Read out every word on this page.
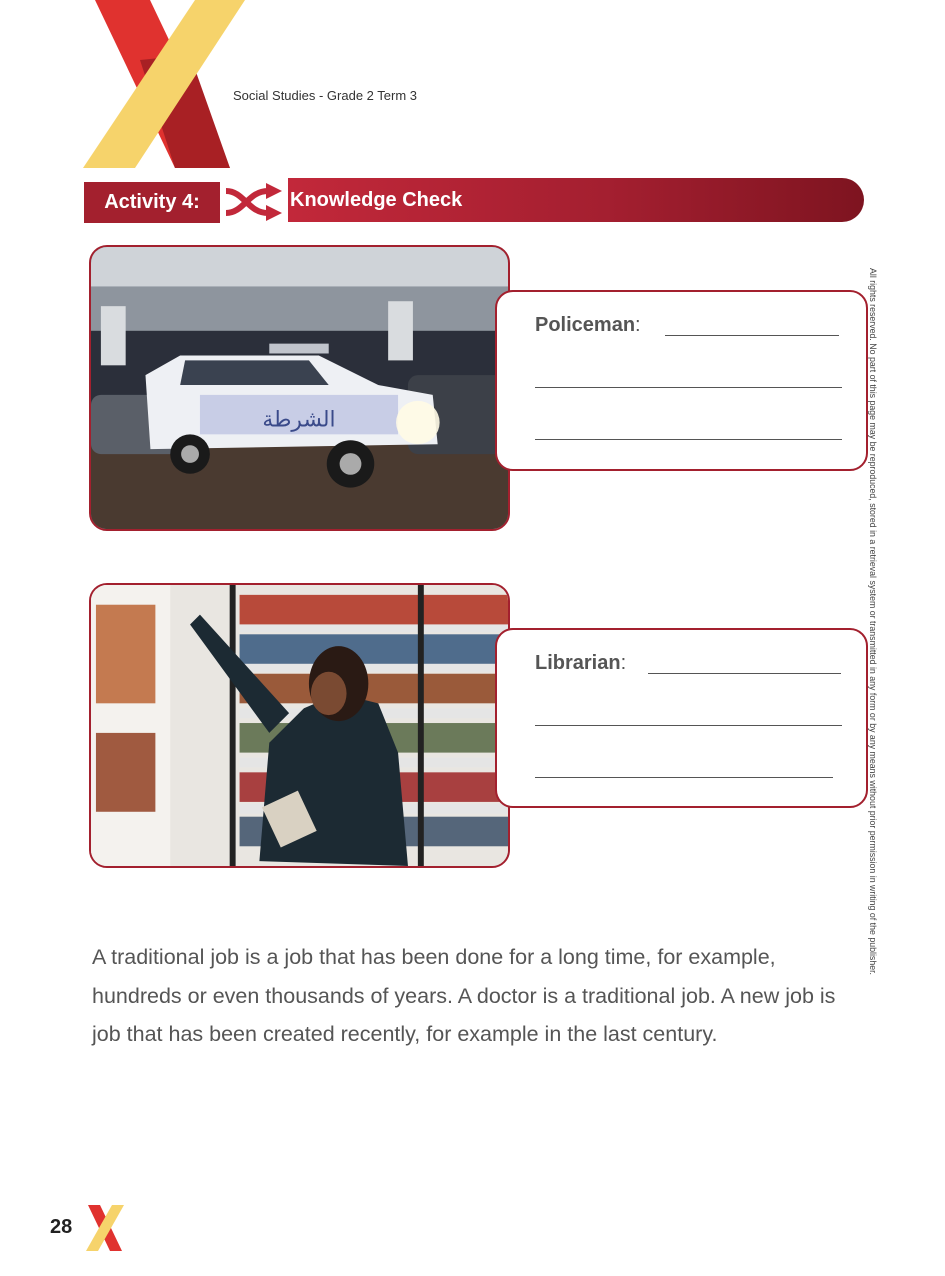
Social Studies - Grade 2 Term 3
Activity 4:	Knowledge Check
الشرطة
Policeman:
Librarian:
A traditional job is a job that has been done for a long time, for example, hundreds or even thousands of years. A doctor is a traditional job. A new job is job that has been created recently, for example in the last century.
All rights reserved. No part of this page may be reproduced, stored in a retrieval system or transmitted in any form or by any means without prior permission in writing of the publisher.
28
